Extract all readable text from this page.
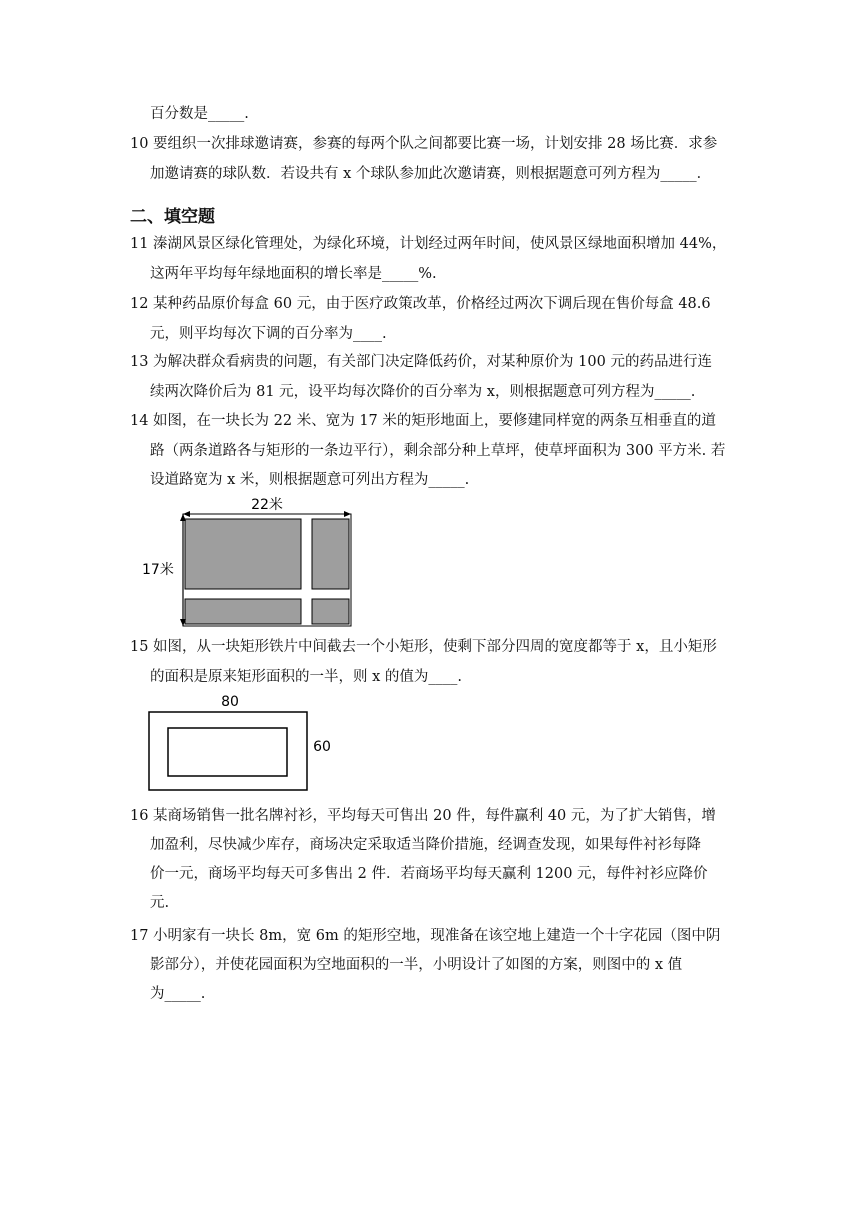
百分数是_____.
10 要组织一次排球邀请赛，参赛的每两个队之间都要比赛一场，计划安排 28 场比赛．求参
加邀请赛的球队数．若设共有 x 个球队参加此次邀请赛，则根据题意可列方程为_____．
二、填空题
11 溱湖风景区绿化管理处，为绿化环境，计划经过两年时间，使风景区绿地面积增加 44%，
这两年平均每年绿地面积的增长率是_____%.
12 某种药品原价每盒 60 元，由于医疗政策改革，价格经过两次下调后现在售价每盒 48.6
元，则平均每次下调的百分率为____.
13 为解决群众看病贵的问题，有关部门决定降低药价，对某种原价为 100 元的药品进行连
续两次降价后为 81 元，设平均每次降价的百分率为 x，则根据题意可列方程为_____.
14 如图，在一块长为 22 米、宽为 17 米的矩形地面上，要修建同样宽的两条互相垂直的道
路（两条道路各与矩形的一条边平行），剩余部分种上草坪，使草坪面积为 300 平方米. 若
设道路宽为 x 米，则根据题意可列出方程为_____.
22米
17米
15 如图，从一块矩形铁片中间截去一个小矩形，使剩下部分四周的宽度都等于 x，且小矩形
的面积是原来矩形面积的一半，则 x 的值为____.
80
60
16 某商场销售一批名牌衬衫，平均每天可售出 20 件，每件赢利 40 元，为了扩大销售，增
加盈利，尽快减少库存，商场决定采取适当降价措施，经调查发现，如果每件衬衫每降
价一元，商场平均每天可多售出 2 件．若商场平均每天赢利 1200 元，每件衬衫应降价
元.
17 小明家有一块长 8m，宽 6m 的矩形空地，现准备在该空地上建造一个十字花园（图中阴
影部分），并使花园面积为空地面积的一半，小明设计了如图的方案，则图中的 x 值
为_____.
